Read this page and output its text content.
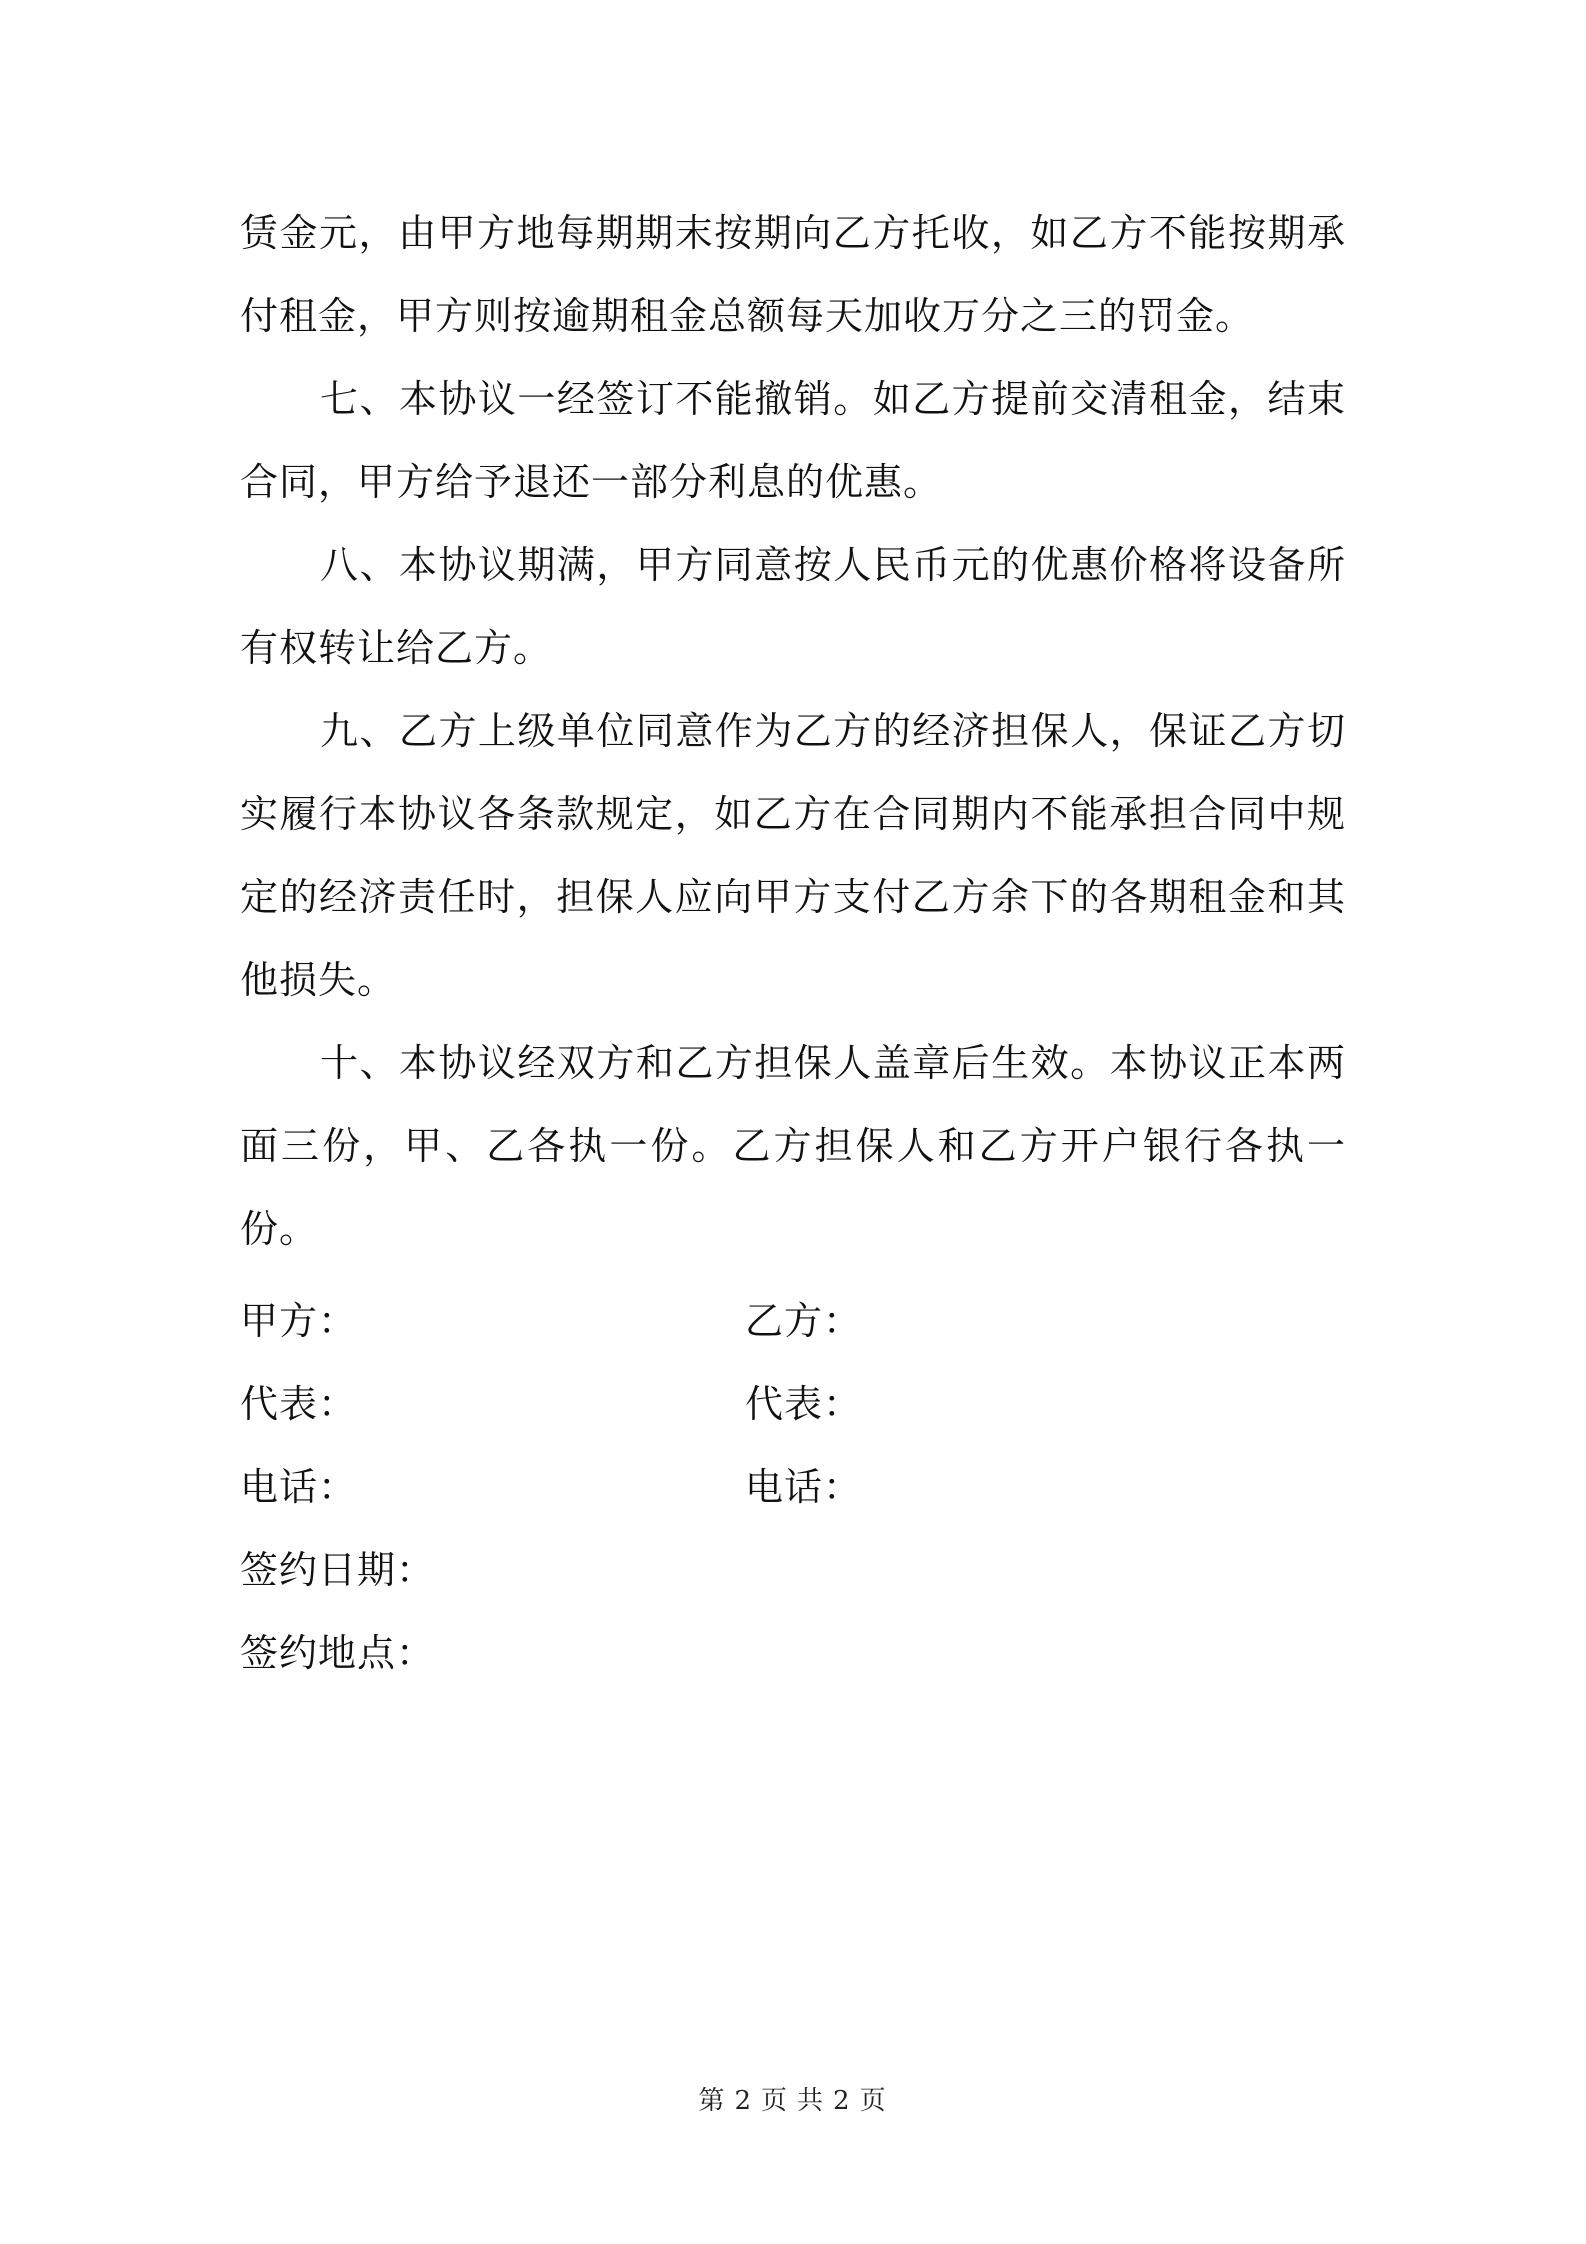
赁金元，由甲方地每期期末按期向乙方托收，如乙方不能按期承付租金，甲方则按逾期租金总额每天加收万分之三的罚金。

七、本协议一经签订不能撤销。如乙方提前交清租金，结束合同，甲方给予退还一部分利息的优惠。

八、本协议期满，甲方同意按人民币元的优惠价格将设备所有权转让给乙方。

九、乙方上级单位同意作为乙方的经济担保人，保证乙方切实履行本协议各条款规定，如乙方在合同期内不能承担合同中规定的经济责任时，担保人应向甲方支付乙方余下的各期租金和其他损失。

十、本协议经双方和乙方担保人盖章后生效。本协议正本两面三份，甲、乙各执一份。乙方担保人和乙方开户银行各执一份。

甲方：	乙方：
代表：	代表：
电话：	电话：
签约日期：
签约地点：
第 2 页 共 2 页
